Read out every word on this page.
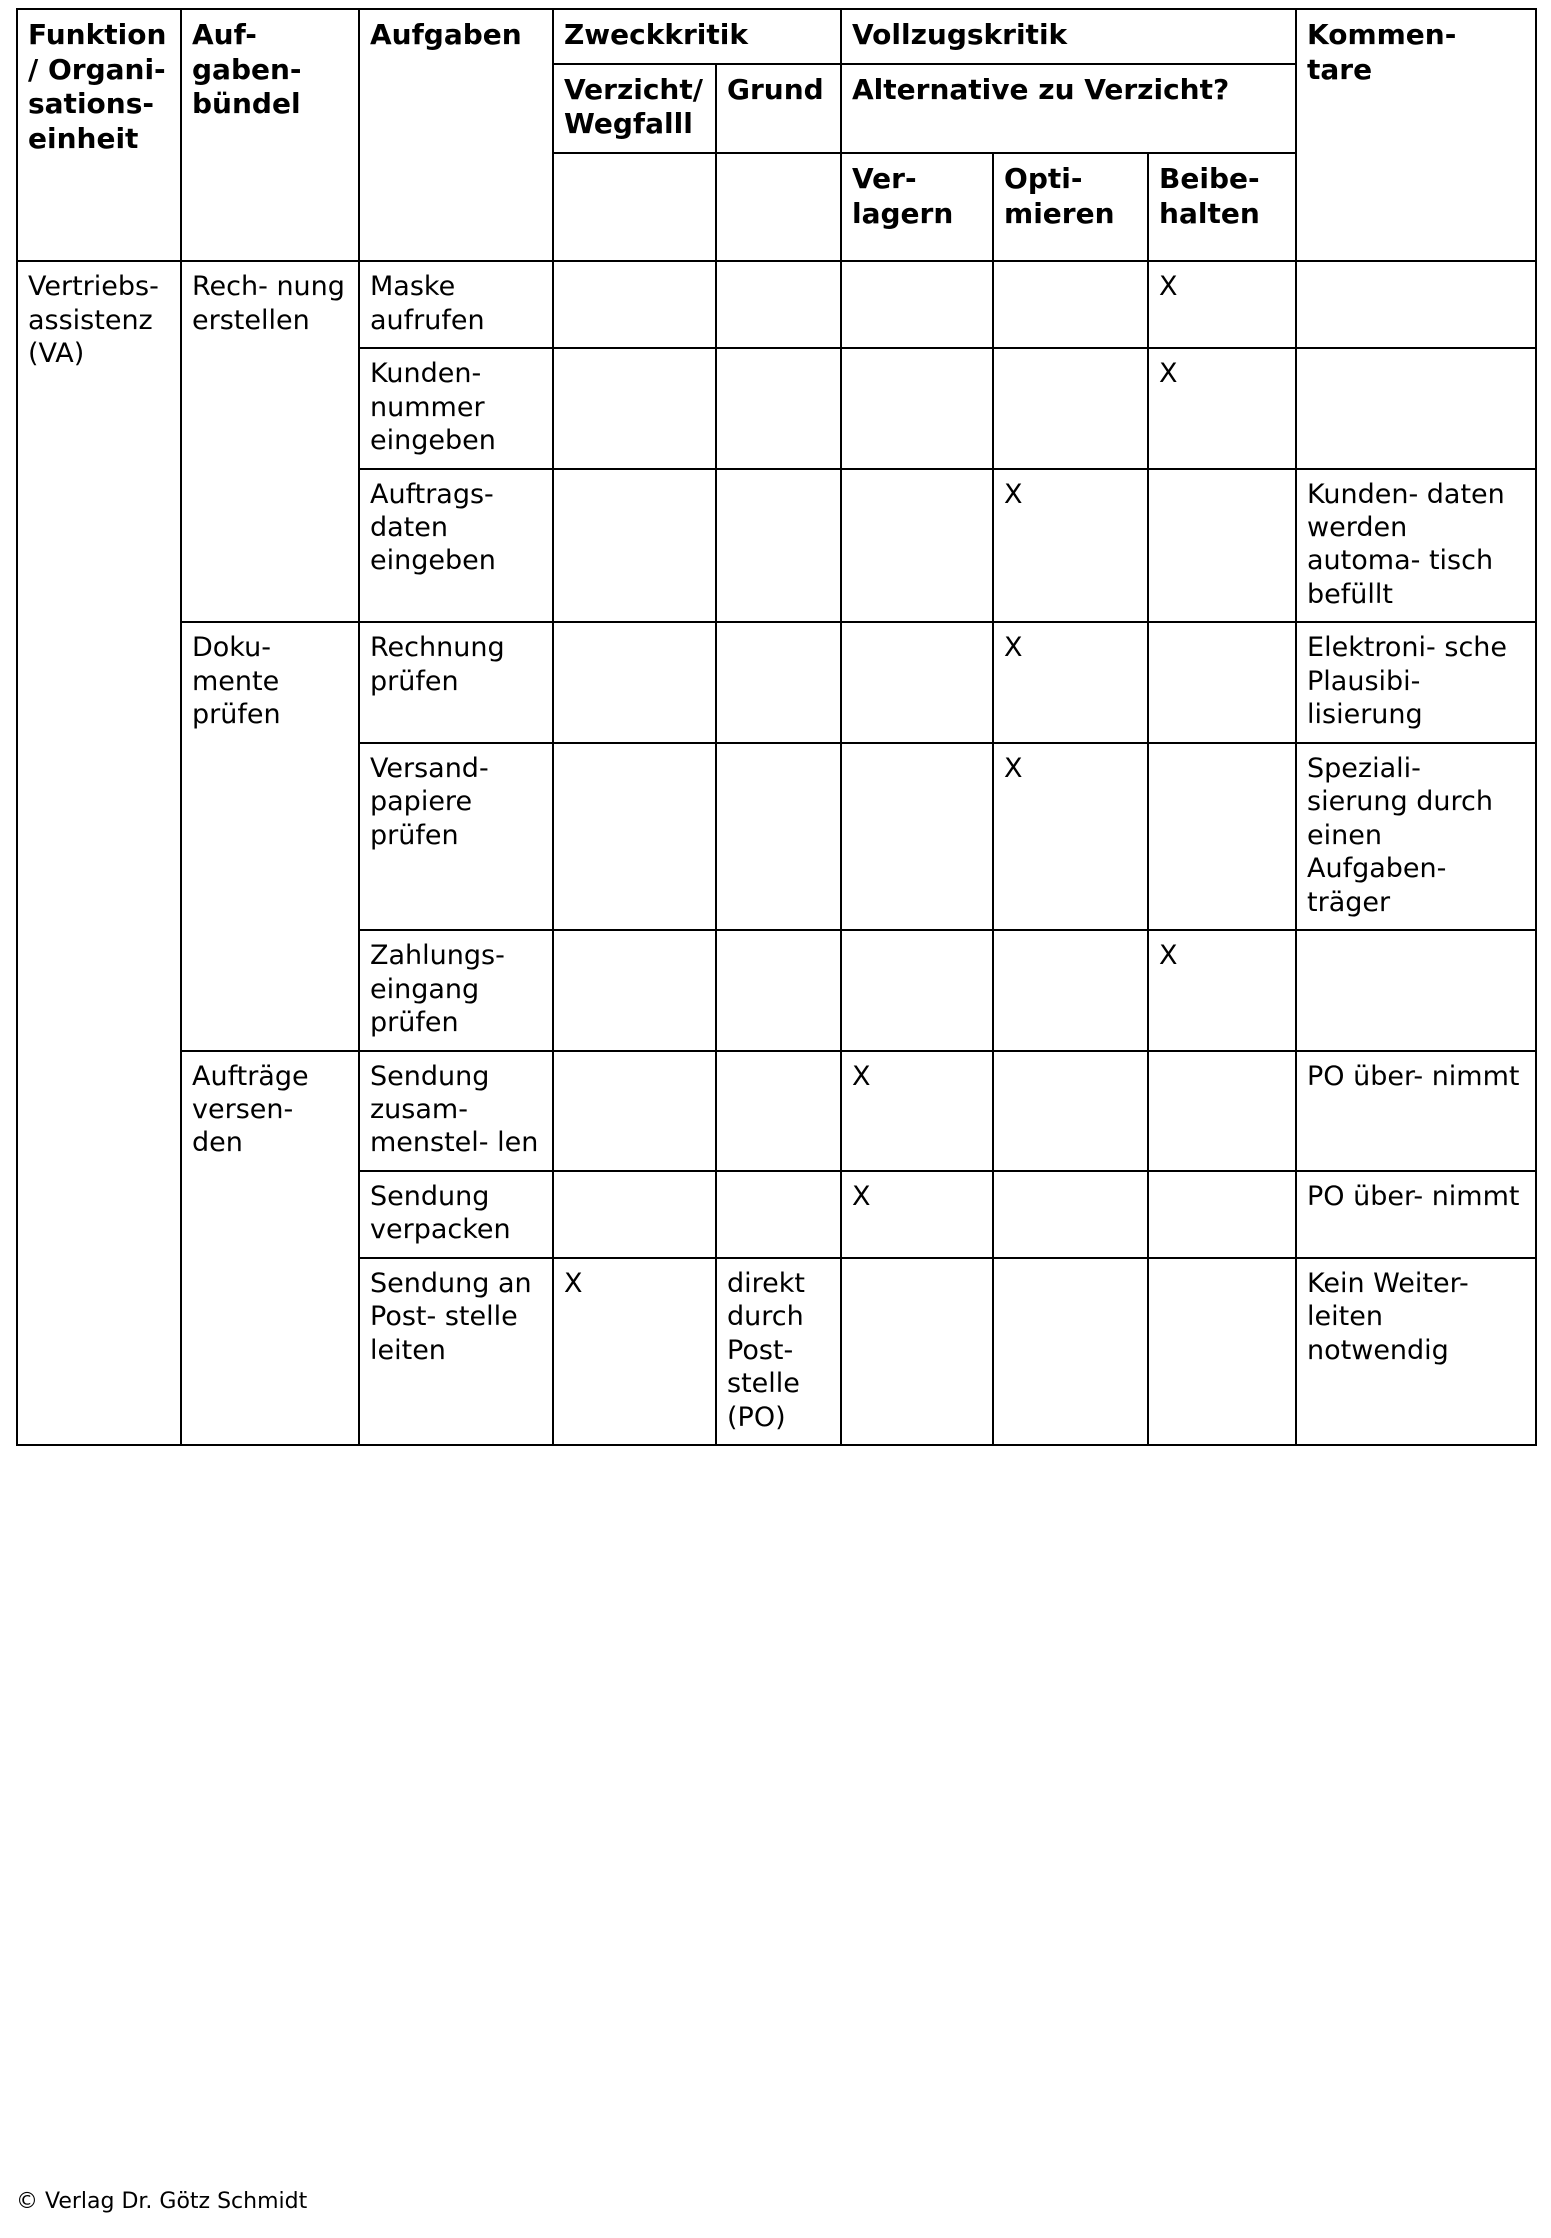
Funktion/ Organi- sations- einheit	Auf- gaben- bündel	Aufgaben	Zweckkritik		Vollzugskritik			Kommen- tare
			Verzicht/ Wegfalll	Grund	Alternative zu Verzicht?			
					Ver- lagern	Opti- mieren	Beibe- halten	
Vertriebs- assistenz (VA)	Rech- nung erstellen	Maske aufrufen					X	
		Kunden- nummer eingeben					X	
		Auftrags- daten eingeben				X		Kunden- daten werden automa- tisch befüllt
	Doku- mente prüfen	Rechnung prüfen				X		Elektroni- sche Plausibi- lisierung
		Versand- papiere prüfen				X		Speziali- sierung durch einen Aufgaben- träger
		Zahlungs- eingang prüfen					X	
	Aufträge versen- den	Sendung zusam- menstel- len			X			PO über- nimmt
		Sendung verpacken			X			PO über- nimmt
		Sendung an Post- stelle leiten	X	direkt durch Post- stelle (PO)				Kein Weiter- leiten notwendig
© Verlag Dr. Götz Schmidt
